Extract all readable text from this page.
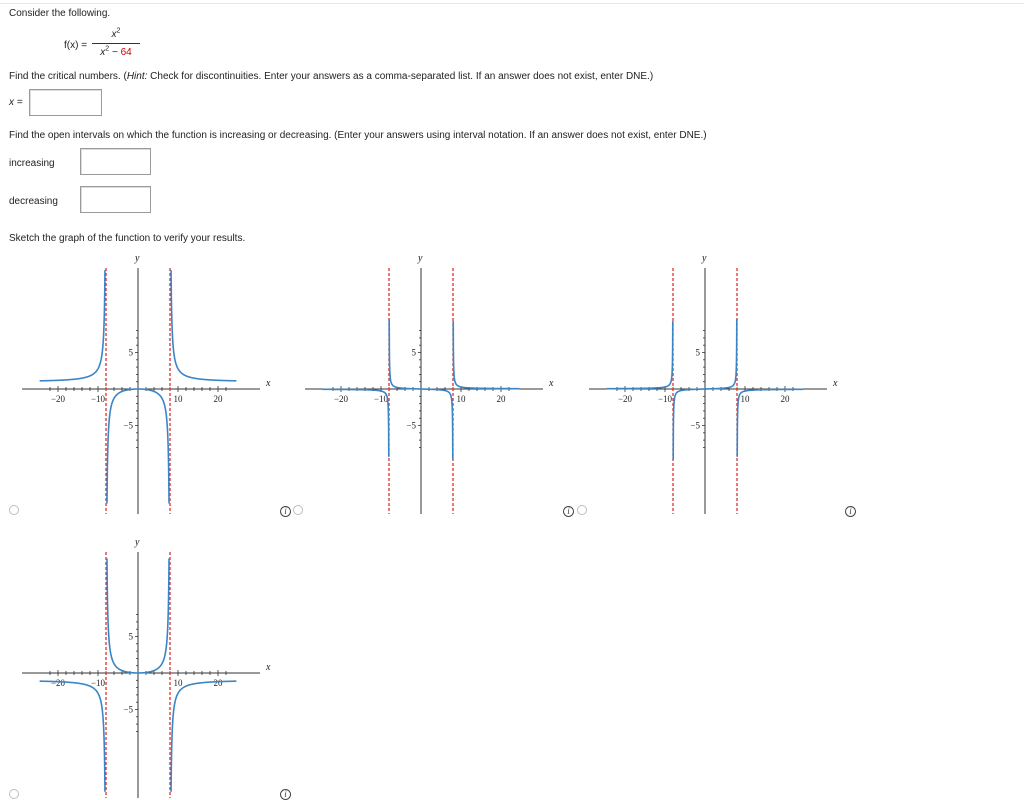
Consider the following.
f(x) =
$x^2$
$x^2 - 64$
Find the critical numbers. (Hint: Check for discontinuities. Enter your answers as a comma-separated list. If an answer does not exist, enter DNE.)
x =
Find the open intervals on which the function is increasing or decreasing. (Enter your answers using interval notation. If an answer does not exist, enter DNE.)
increasing
decreasing
Sketch the graph of the function to verify your results.
x
y
−20	−10	10	20
5
−5
x
y
−20	−10	10	20
5
−5
x
y
−20	−10	10	20
5
−5
x
y
−20	−10	10	20
5
−5
i	i	i
i
